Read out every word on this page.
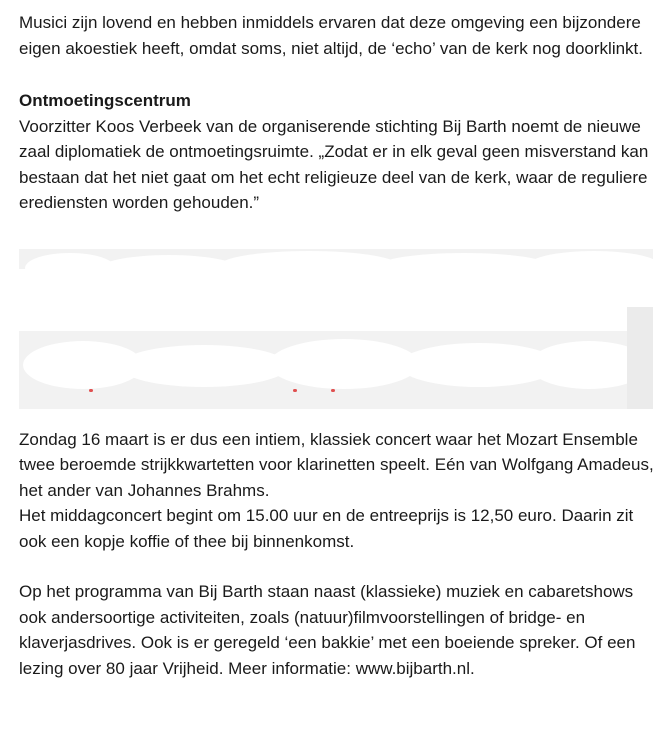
Musici zijn lovend en hebben inmiddels ervaren dat deze omgeving een bijzondere eigen akoestiek heeft, omdat soms, niet altijd, de ‘echo’ van de kerk nog doorklinkt.

Ontmoetingscentrum

Voorzitter Koos Verbeek van de organiserende stichting Bij Barth noemt de nieuwe zaal diplomatiek de ontmoetingsruimte. „Zodat er in elk geval geen misverstand kan bestaan dat het niet gaat om het echt religieuze deel van de kerk, waar de reguliere erediensten worden gehouden.”

Zondag 16 maart is er dus een intiem, klassiek concert waar het Mozart Ensemble twee beroemde strijkkwartetten voor klarinetten speelt. Eén van Wolfgang Amadeus, het ander van Johannes Brahms.

Het middagconcert begint om 15.00 uur en de entreeprijs is 12,50 euro. Daarin zit ook een kopje koffie of thee bij binnenkomst.

Op het programma van Bij Barth staan naast (klassieke) muziek en cabaretshows ook andersoortige activiteiten, zoals (natuur)filmvoorstellingen of bridge- en klaverjasdrives. Ook is er geregeld ‘een bakkie’ met een boeiende spreker. Of een lezing over 80 jaar Vrijheid. Meer informatie: www.bijbarth.nl.
